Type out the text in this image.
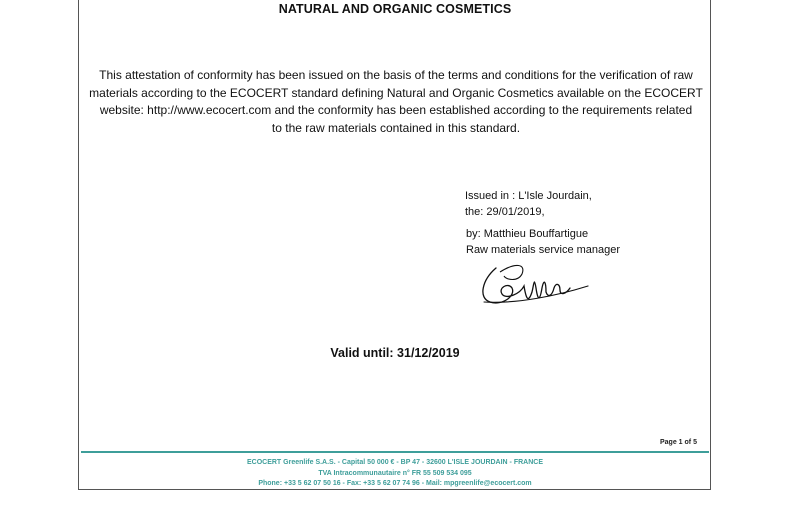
NATURAL AND ORGANIC COSMETICS
This attestation of conformity has been issued on the basis of the terms and conditions for the verification of raw
materials according to the ECOCERT standard defining Natural and Organic Cosmetics available on the ECOCERT
website: http://www.ecocert.com and the conformity has been established according to the requirements related
to the raw materials contained in this standard.
Issued in : L'Isle Jourdain,
the: 29/01/2019,
by: Matthieu Bouffartigue
Raw materials service manager
Valid until: 31/12/2019
Page 1 of 5
ECOCERT Greenlife S.A.S. - Capital 50 000 € - BP 47 - 32600 L'ISLE JOURDAIN - FRANCE
TVA Intracommunautaire n° FR 55 509 534 095
Phone: +33 5 62 07 50 16 - Fax: +33 5 62 07 74 96 - Mail: mpgreenlife@ecocert.com
